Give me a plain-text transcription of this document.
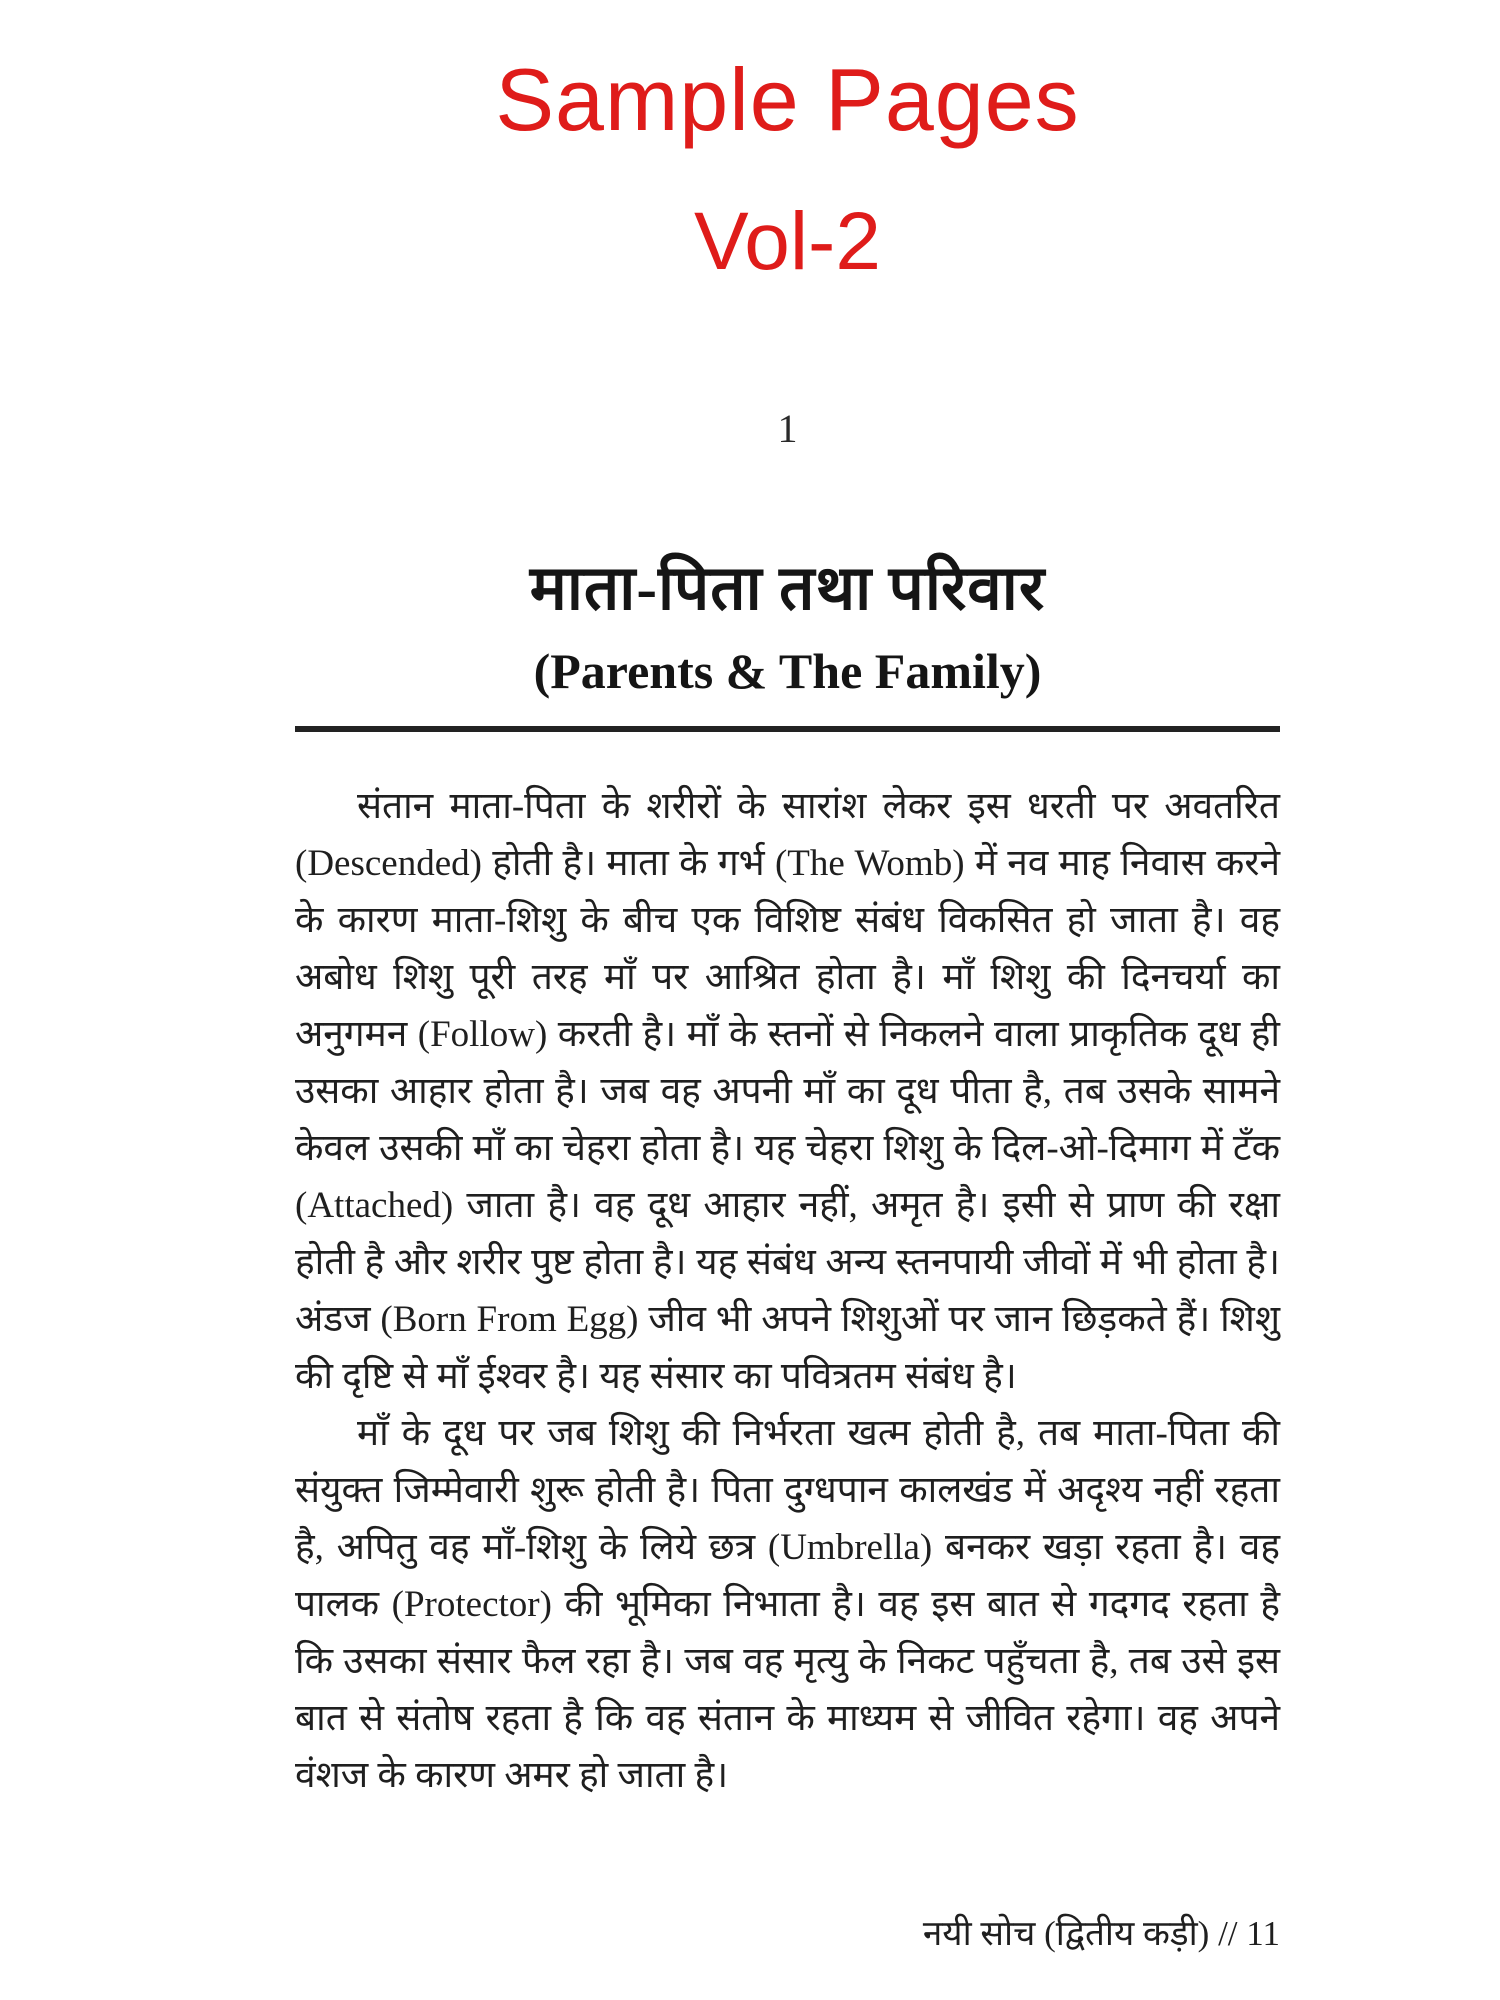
Sample Pages
Vol-2
1
माता-पिता तथा परिवार
(Parents & The Family)

संतान माता-पिता के शरीरों के सारांश लेकर इस धरती पर अवतरित (Descended) होती है। माता के गर्भ (The Womb) में नव माह निवास करने के कारण माता-शिशु के बीच एक विशिष्ट संबंध विकसित हो जाता है। वह अबोध शिशु पूरी तरह माँ पर आश्रित होता है। माँ शिशु की दिनचर्या का अनुगमन (Follow) करती है। माँ के स्तनों से निकलने वाला प्राकृतिक दूध ही उसका आहार होता है। जब वह अपनी माँ का दूध पीता है, तब उसके सामने केवल उसकी माँ का चेहरा होता है। यह चेहरा शिशु के दिल-ओ-दिमाग में टँक (Attached) जाता है। वह दूध आहार नहीं, अमृत है। इसी से प्राण की रक्षा होती है और शरीर पुष्ट होता है। यह संबंध अन्य स्तनपायी जीवों में भी होता है। अंडज (Born From Egg) जीव भी अपने शिशुओं पर जान छिड़कते हैं। शिशु की दृष्टि से माँ ईश्वर है। यह संसार का पवित्रतम संबंध है।

माँ के दूध पर जब शिशु की निर्भरता खत्म होती है, तब माता-पिता की संयुक्त जिम्मेवारी शुरू होती है। पिता दुग्धपान कालखंड में अदृश्य नहीं रहता है, अपितु वह माँ-शिशु के लिये छत्र (Umbrella) बनकर खड़ा रहता है। वह पालक (Protector) की भूमिका निभाता है। वह इस बात से गदगद रहता है कि उसका संसार फैल रहा है। जब वह मृत्यु के निकट पहुँचता है, तब उसे इस बात से संतोष रहता है कि वह संतान के माध्यम से जीवित रहेगा। वह अपने वंशज के कारण अमर हो जाता है।

नयी सोच (द्वितीय कड़ी) // 11
